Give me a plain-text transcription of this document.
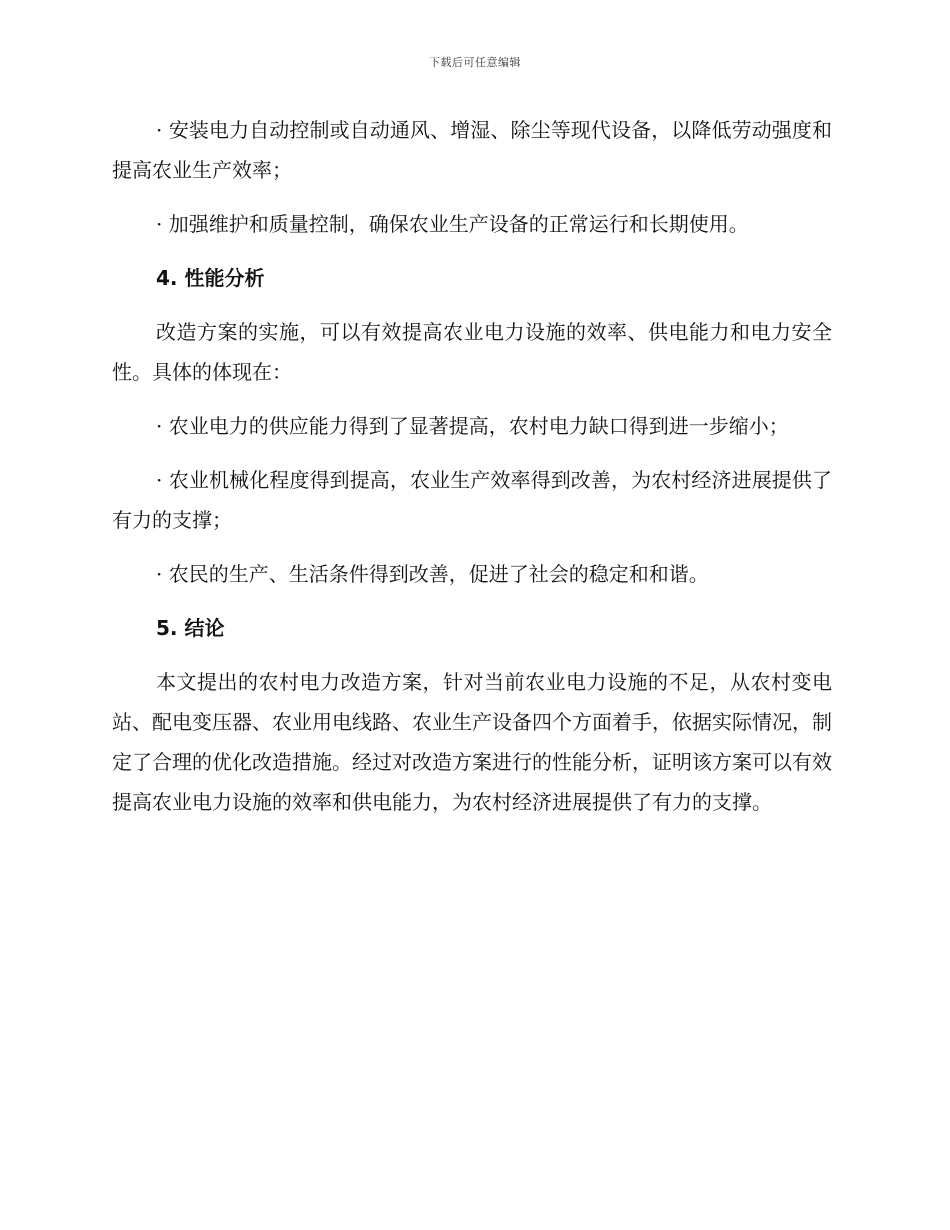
下载后可任意编辑

· 安装电力自动控制或自动通风、增湿、除尘等现代设备，以降低劳动强度和提高农业生产效率；

· 加强维护和质量控制，确保农业生产设备的正常运行和长期使用。

4. 性能分析

改造方案的实施，可以有效提高农业电力设施的效率、供电能力和电力安全性。具体的体现在：

· 农业电力的供应能力得到了显著提高，农村电力缺口得到进一步缩小；

· 农业机械化程度得到提高，农业生产效率得到改善，为农村经济进展提供了有力的支撑；

· 农民的生产、生活条件得到改善，促进了社会的稳定和和谐。

5. 结论

本文提出的农村电力改造方案，针对当前农业电力设施的不足，从农村变电站、配电变压器、农业用电线路、农业生产设备四个方面着手，依据实际情况，制定了合理的优化改造措施。经过对改造方案进行的性能分析，证明该方案可以有效提高农业电力设施的效率和供电能力，为农村经济进展提供了有力的支撑。
